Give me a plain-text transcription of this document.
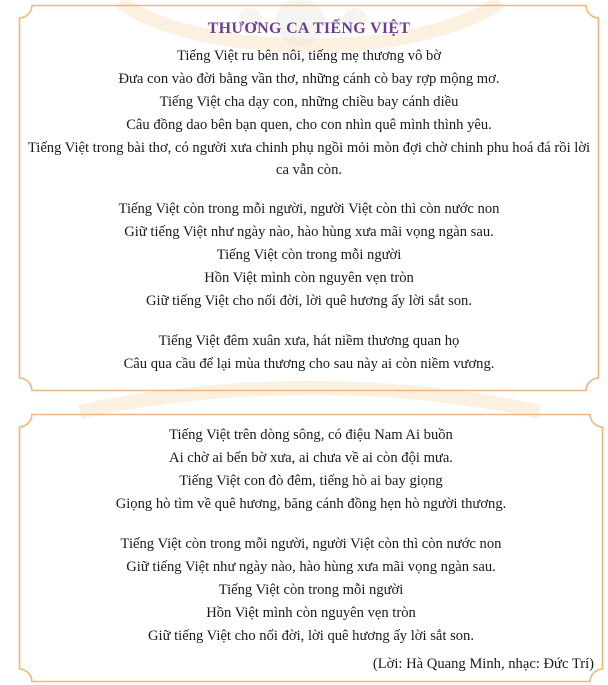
THƯƠNG CA TIẾNG VIỆT
Tiếng Việt ru bên nôi, tiếng mẹ thương vô bờ
Đưa con vào đời bằng vần thơ, những cánh cò bay rợp mộng mơ.
Tiếng Việt cha dạy con, những chiều bay cánh diều
Câu đồng dao bên bạn quen, cho con nhìn quê mình thình yêu.
Tiếng Việt trong bài thơ, có người xưa chinh phụ ngồi mỏi mòn đợi chờ chinh phu hoá đá rồi lời ca vẫn còn.
Tiếng Việt còn trong mỗi người, người Việt còn thì còn nước non
Giữ tiếng Việt như ngày nào, hào hùng xưa mãi vọng ngàn sau.
Tiếng Việt còn trong mỗi người
Hồn Việt mình còn nguyên vẹn tròn
Giữ tiếng Việt cho nối đời, lời quê hương ấy lời sắt son.
Tiếng Việt đêm xuân xưa, hát niềm thương quan họ
Câu qua cầu để lại mùa thương cho sau này ai còn niềm vương.
Tiếng Việt trên dòng sông, có điệu Nam Ai buồn
Ai chờ ai bến bờ xưa, ai chưa về ai còn đội mưa.
Tiếng Việt con đò đêm, tiếng hò ai bay giọng
Giọng hò tìm về quê hương, băng cánh đồng hẹn hò người thương.
Tiếng Việt còn trong mỗi người, người Việt còn thì còn nước non
Giữ tiếng Việt như ngày nào, hào hùng xưa mãi vọng ngàn sau.
Tiếng Việt còn trong mỗi người
Hồn Việt mình còn nguyên vẹn tròn
Giữ tiếng Việt cho nối đời, lời quê hương ấy lời sắt son.
(Lời: Hà Quang Minh, nhạc: Đức Trí)
